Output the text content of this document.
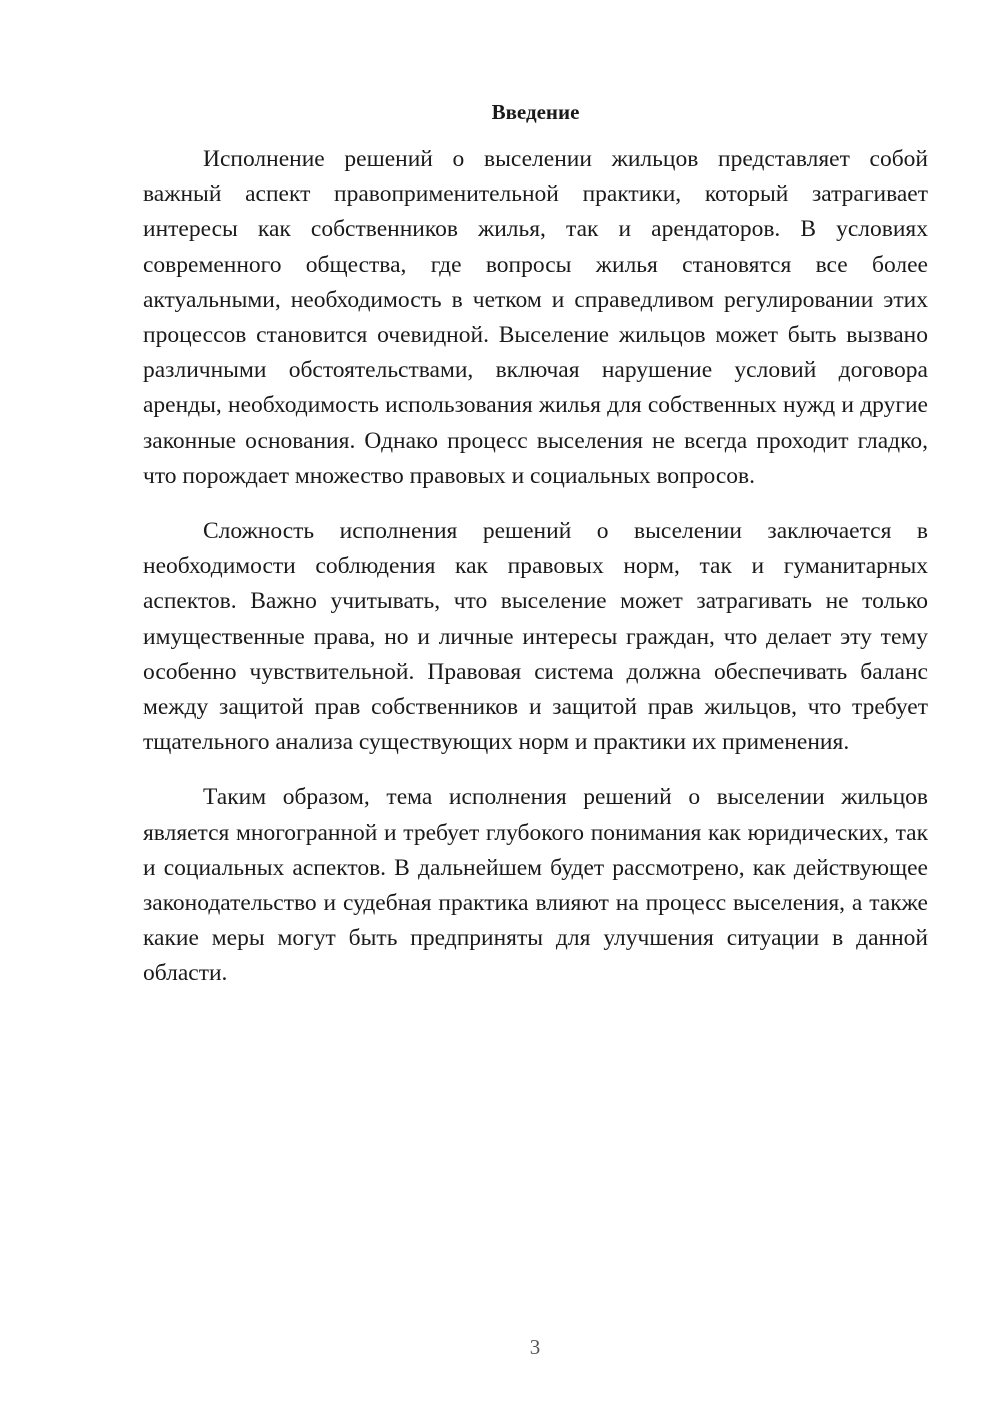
Введение

Исполнение решений о выселении жильцов представляет собой важный аспект правоприменительной практики, который затрагивает интересы как собственников жилья, так и арендаторов. В условиях современного общества, где вопросы жилья становятся все более актуальными, необходимость в четком и справедливом регулировании этих процессов становится очевидной. Выселение жильцов может быть вызвано различными обстоятельствами, включая нарушение условий договора аренды, необходимость использования жилья для собственных нужд и другие законные основания. Однако процесс выселения не всегда проходит гладко, что порождает множество правовых и социальных вопросов.

Сложность исполнения решений о выселении заключается в необходимости соблюдения как правовых норм, так и гуманитарных аспектов. Важно учитывать, что выселение может затрагивать не только имущественные права, но и личные интересы граждан, что делает эту тему особенно чувствительной. Правовая система должна обеспечивать баланс между защитой прав собственников и защитой прав жильцов, что требует тщательного анализа существующих норм и практики их применения.

Таким образом, тема исполнения решений о выселении жильцов является многогранной и требует глубокого понимания как юридических, так и социальных аспектов. В дальнейшем будет рассмотрено, как действующее законодательство и судебная практика влияют на процесс выселения, а также какие меры могут быть предприняты для улучшения ситуации в данной области.

3
